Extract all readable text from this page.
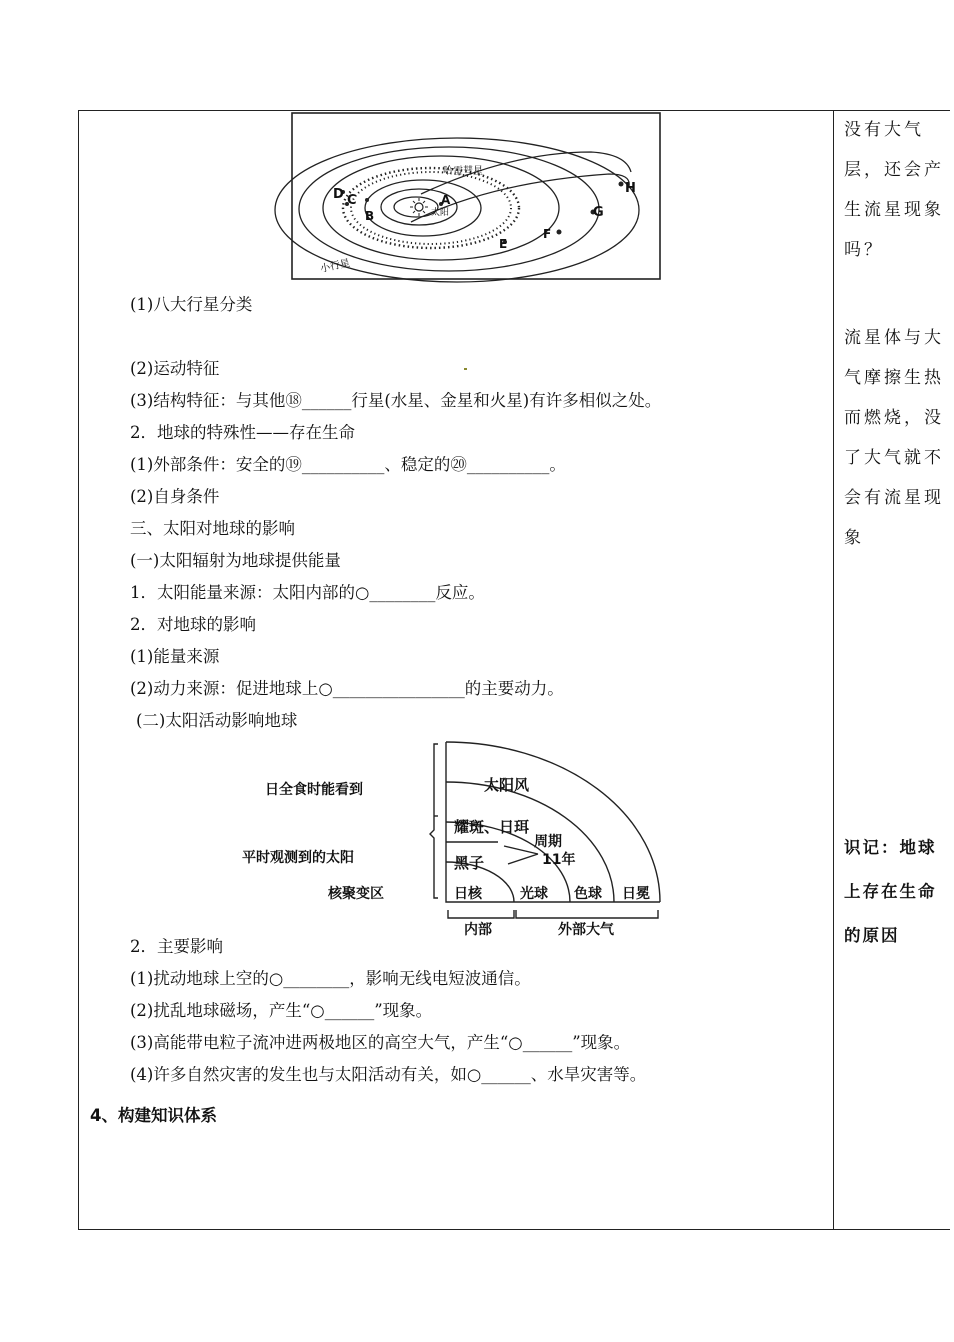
哈雷彗星
太阳
小行星
A
B
C
D
E
F
G
H
(1)八大行星分类
(2)运动特征
(3)结构特征：与其他⑱______行星(水星、金星和火星)有许多相似之处。
2．地球的特殊性——存在生命
(1)外部条件：安全的⑲__________、稳定的⑳__________。
(2)自身条件
三、太阳对地球的影响
(一)太阳辐射为地球提供能量
1．太阳能量来源：太阳内部的○________反应。
2．对地球的影响
(1)能量来源
(2)动力来源：促进地球上○________________的主要动力。
(二)太阳活动影响地球
日全食时能看到
平时观测到的太阳
核聚变区
太阳风
耀斑、日珥
周期
11年
黑子
日核	光球 色球 日冕
内部	外部大气
2．主要影响
(1)扰动地球上空的○________，影响无线电短波通信。
(2)扰乱地球磁场，产生“○______”现象。
(3)高能带电粒子流冲进两极地区的高空大气，产生“○______”现象。
(4)许多自然灾害的发生也与太阳活动有关，如○______、水旱灾害等。
4、构建知识体系
没有大气层，还会产生流星现象吗？
流星体与大气摩擦生热而燃烧，没了大气就不会有流星现象
识记：地球上存在生命的原因
